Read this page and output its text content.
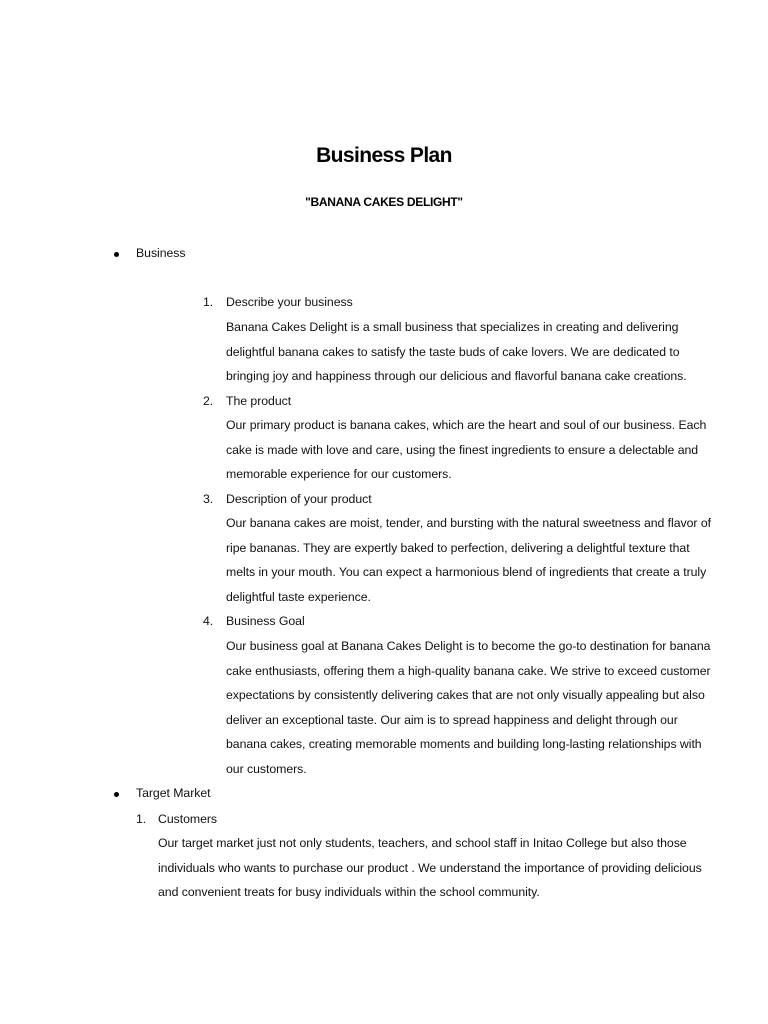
Business Plan
"BANANA CAKES DELIGHT"
Business
1. Describe your business
Banana Cakes Delight is a small business that specializes in creating and delivering
delightful banana cakes to satisfy the taste buds of cake lovers. We are dedicated to
bringing joy and happiness through our delicious and flavorful banana cake creations.
2. The product
Our primary product is banana cakes, which are the heart and soul of our business. Each
cake is made with love and care, using the finest ingredients to ensure a delectable and
memorable experience for our customers.
3. Description of your product
Our banana cakes are moist, tender, and bursting with the natural sweetness and flavor of
ripe bananas. They are expertly baked to perfection, delivering a delightful texture that
melts in your mouth. You can expect a harmonious blend of ingredients that create a truly
delightful taste experience.
4. Business Goal
Our business goal at Banana Cakes Delight is to become the go-to destination for banana
cake enthusiasts, offering them a high-quality banana cake. We strive to exceed customer
expectations by consistently delivering cakes that are not only visually appealing but also
deliver an exceptional taste. Our aim is to spread happiness and delight through our
banana cakes, creating memorable moments and building long-lasting relationships with
our customers.
Target Market
1. Customers
Our target market just not only students, teachers, and school staff in Initao College but also those
individuals who wants to purchase our product . We understand the importance of providing delicious
and convenient treats for busy individuals within the school community.
